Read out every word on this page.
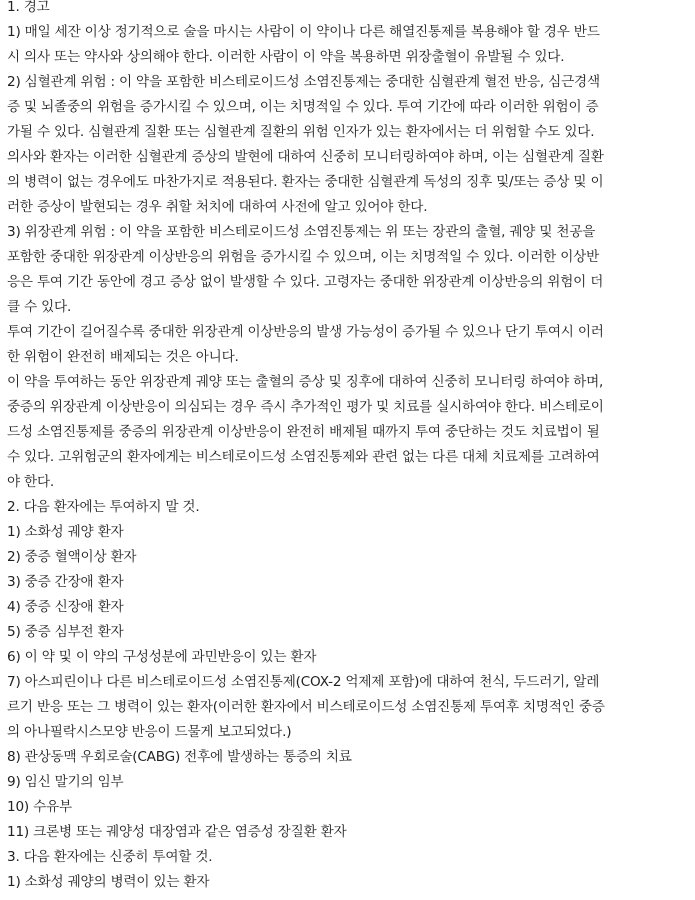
1. 경고
1) 매일 세잔 이상 정기적으로 술을 마시는 사람이 이 약이나 다른 해열진통제를 복용해야 할 경우 반드
시 의사 또는 약사와 상의해야 한다. 이러한 사람이 이 약을 복용하면 위장출혈이 유발될 수 있다.
2) 심혈관계 위험 : 이 약을 포함한 비스테로이드성 소염진통제는 중대한 심혈관계 혈전 반응, 심근경색
증 및 뇌졸중의 위험을 증가시킬 수 있으며, 이는 치명적일 수 있다. 투여 기간에 따라 이러한 위험이 증
가될 수 있다. 심혈관계 질환 또는 심혈관계 질환의 위험 인자가 있는 환자에서는 더 위험할 수도 있다.
의사와 환자는 이러한 심혈관계 증상의 발현에 대하여 신중히 모니터링하여야 하며, 이는 심혈관계 질환
의 병력이 없는 경우에도 마찬가지로 적용된다. 환자는 중대한 심혈관계 독성의 징후 및/또는 증상 및 이
러한 증상이 발현되는 경우 취할 처치에 대하여 사전에 알고 있어야 한다.
3) 위장관계 위험 : 이 약을 포함한 비스테로이드성 소염진통제는 위 또는 장관의 출혈, 궤양 및 천공을
포함한 중대한 위장관계 이상반응의 위험을 증가시킬 수 있으며, 이는 치명적일 수 있다. 이러한 이상반
응은 투여 기간 동안에 경고 증상 없이 발생할 수 있다. 고령자는 중대한 위장관계 이상반응의 위험이 더
클 수 있다.
투여 기간이 길어질수록 중대한 위장관계 이상반응의 발생 가능성이 증가될 수 있으나 단기 투여시 이러
한 위험이 완전히 배제되는 것은 아니다.
이 약을 투여하는 동안 위장관계 궤양 또는 출혈의 증상 및 징후에 대하여 신중히 모니터링 하여야 하며,
중증의 위장관계 이상반응이 의심되는 경우 즉시 추가적인 평가 및 치료를 실시하여야 한다. 비스테로이
드성 소염진통제를 중증의 위장관계 이상반응이 완전히 배제될 때까지 투여 중단하는 것도 치료법이 될
수 있다. 고위험군의 환자에게는 비스테로이드성 소염진통제와 관련 없는 다른 대체 치료제를 고려하여
야 한다.
2. 다음 환자에는 투여하지 말 것.
1) 소화성 궤양 환자
2) 중증 혈액이상 환자
3) 중증 간장애 환자
4) 중증 신장애 환자
5) 중증 심부전 환자
6) 이 약 및 이 약의 구성성분에 과민반응이 있는 환자
7) 아스피린이나 다른 비스테로이드성 소염진통제(COX-2 억제제 포함)에 대하여 천식, 두드러기, 알레
르기 반응 또는 그 병력이 있는 환자(이러한 환자에서 비스테로이드성 소염진통제 투여후 치명적인 중증
의 아나필락시스모양 반응이 드물게 보고되었다.)
8) 관상동맥 우회로술(CABG) 전후에 발생하는 통증의 치료
9) 임신 말기의 임부
10) 수유부
11) 크론병 또는 궤양성 대장염과 같은 염증성 장질환 환자
3. 다음 환자에는 신중히 투여할 것.
1) 소화성 궤양의 병력이 있는 환자
